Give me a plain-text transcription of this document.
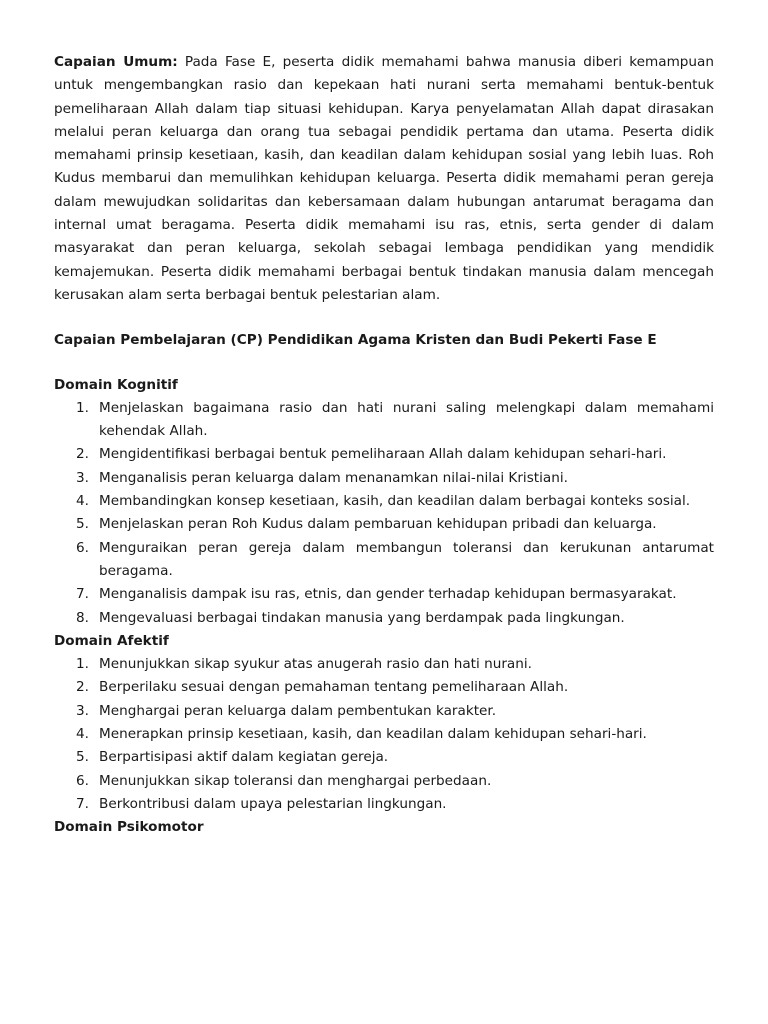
Capaian Umum: Pada Fase E, peserta didik memahami bahwa manusia diberi kemampuan untuk mengembangkan rasio dan kepekaan hati nurani serta memahami bentuk-bentuk pemeliharaan Allah dalam tiap situasi kehidupan. Karya penyelamatan Allah dapat dirasakan melalui peran keluarga dan orang tua sebagai pendidik pertama dan utama. Peserta didik memahami prinsip kesetiaan, kasih, dan keadilan dalam kehidupan sosial yang lebih luas. Roh Kudus membarui dan memulihkan kehidupan keluarga. Peserta didik memahami peran gereja dalam mewujudkan solidaritas dan kebersamaan dalam hubungan antarumat beragama dan internal umat beragama. Peserta didik memahami isu ras, etnis, serta gender di dalam masyarakat dan peran keluarga, sekolah sebagai lembaga pendidikan yang mendidik kemajemukan. Peserta didik memahami berbagai bentuk tindakan manusia dalam mencegah kerusakan alam serta berbagai bentuk pelestarian alam.

Capaian Pembelajaran (CP) Pendidikan Agama Kristen dan Budi Pekerti Fase E

Domain Kognitif

1. Menjelaskan bagaimana rasio dan hati nurani saling melengkapi dalam memahami kehendak Allah.
2. Mengidentifikasi berbagai bentuk pemeliharaan Allah dalam kehidupan sehari-hari.
3. Menganalisis peran keluarga dalam menanamkan nilai-nilai Kristiani.
4. Membandingkan konsep kesetiaan, kasih, dan keadilan dalam berbagai konteks sosial.
5. Menjelaskan peran Roh Kudus dalam pembaruan kehidupan pribadi dan keluarga.
6. Menguraikan peran gereja dalam membangun toleransi dan kerukunan antarumat beragama.
7. Menganalisis dampak isu ras, etnis, dan gender terhadap kehidupan bermasyarakat.
8. Mengevaluasi berbagai tindakan manusia yang berdampak pada lingkungan.

Domain Afektif

1. Menunjukkan sikap syukur atas anugerah rasio dan hati nurani.
2. Berperilaku sesuai dengan pemahaman tentang pemeliharaan Allah.
3. Menghargai peran keluarga dalam pembentukan karakter.
4. Menerapkan prinsip kesetiaan, kasih, dan keadilan dalam kehidupan sehari-hari.
5. Berpartisipasi aktif dalam kegiatan gereja.
6. Menunjukkan sikap toleransi dan menghargai perbedaan.
7. Berkontribusi dalam upaya pelestarian lingkungan.

Domain Psikomotor
